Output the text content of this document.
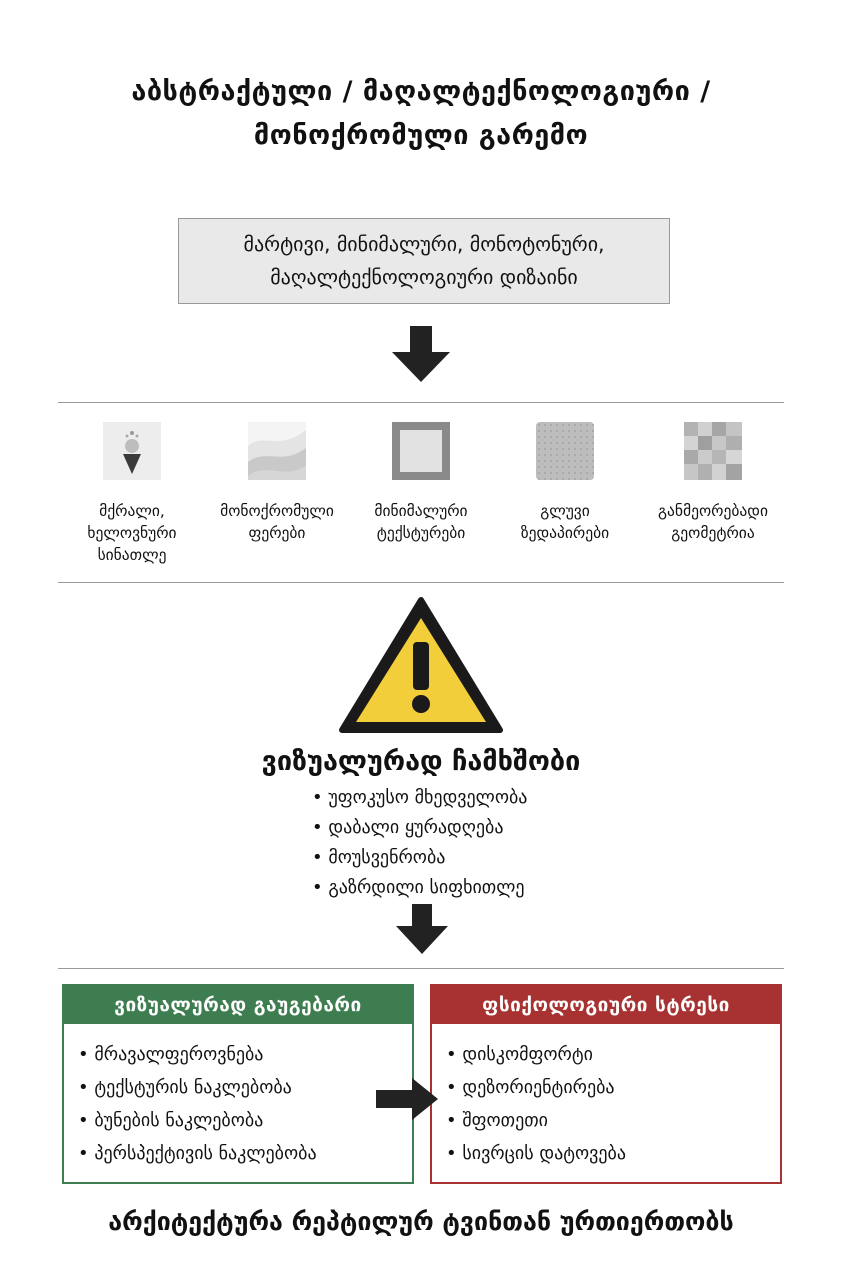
აბსტრაქტული / მაღალტექნოლოგიური /
მონოქრომული გარემო
მარტივი, მინიმალური, მონოტონური,
მაღალტექნოლოგიური დიზაინი
მქრალი,
ხელოვნური
სინათლე
მონოქრომული
ფერები
მინიმალური
ტექსტურები
გლუვი
ზედაპირები
განმეორებადი
გეომეტრია
ვიზუალურად ჩამხშობი
• უფოკუსო მხედველობა
• დაბალი ყურადღება
• მოუსვენრობა
• გაზრდილი სიფხითლე
ვიზუალურად გაუგებარი
• მრავალფეროვნება
• ტექსტურის ნაკლებობა
• ბუნების ნაკლებობა
• პერსპექტივის ნაკლებობა
ფსიქოლოგიური სტრესი
• დისკომფორტი
• დეზორიენტირება
• შფოთეთი
• სივრცის დატოვება
არქიტექტურა რეპტილურ ტვინთან ურთიერთობს
